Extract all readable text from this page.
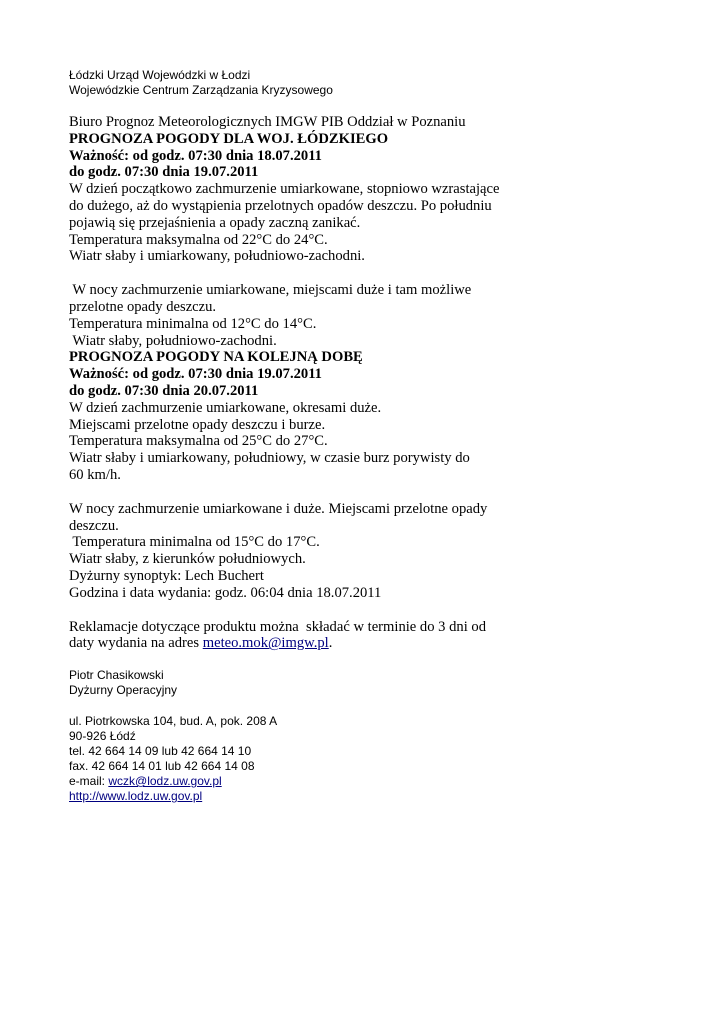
Łódzki Urząd Wojewódzki w Łodzi
Wojewódzkie Centrum Zarządzania Kryzysowego
Biuro Prognoz Meteorologicznych IMGW PIB Oddział w Poznaniu
PROGNOZA POGODY DLA WOJ. ŁÓDZKIEGO
Ważność: od godz. 07:30 dnia 18.07.2011
do godz. 07:30 dnia 19.07.2011
W dzień początkowo zachmurzenie umiarkowane, stopniowo wzrastające
do dużego, aż do wystąpienia przelotnych opadów deszczu. Po południu
pojawią się przejaśnienia a opady zaczną zanikać.
Temperatura maksymalna od 22°C do 24°C.
Wiatr słaby i umiarkowany, południowo-zachodni.
W nocy zachmurzenie umiarkowane, miejscami duże i tam możliwe
przelotne opady deszczu.
Temperatura minimalna od 12°C do 14°C.
Wiatr słaby, południowo-zachodni.
PROGNOZA POGODY NA KOLEJNĄ DOBĘ
Ważność: od godz. 07:30 dnia 19.07.2011
do godz. 07:30 dnia 20.07.2011
W dzień zachmurzenie umiarkowane, okresami duże.
Miejscami przelotne opady deszczu i burze.
Temperatura maksymalna od 25°C do 27°C.
Wiatr słaby i umiarkowany, południowy, w czasie burz porywisty do
60 km/h.
W nocy zachmurzenie umiarkowane i duże. Miejscami przelotne opady
deszczu.
Temperatura minimalna od 15°C do 17°C.
Wiatr słaby, z kierunków południowych.
Dyżurny synoptyk: Lech Buchert
Godzina i data wydania: godz. 06:04 dnia 18.07.2011
Reklamacje dotyczące produktu można  składać w terminie do 3 dni od
daty wydania na adres meteo.mok@imgw.pl.
Piotr Chasikowski
Dyżurny Operacyjny
ul. Piotrkowska 104, bud. A, pok. 208 A
90-926 Łódź
tel. 42 664 14 09 lub 42 664 14 10
fax. 42 664 14 01 lub 42 664 14 08
e-mail: wczk@lodz.uw.gov.pl
http://www.lodz.uw.gov.pl
